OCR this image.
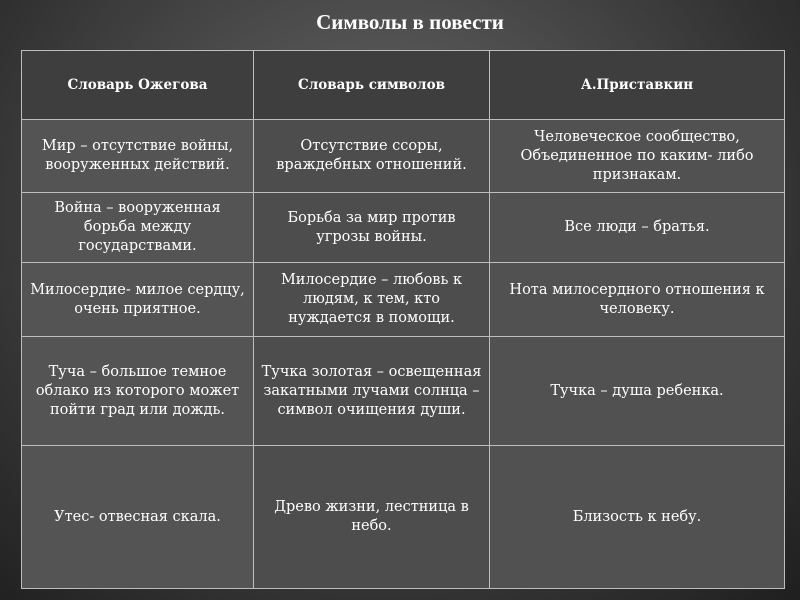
Символы в повести
Словарь Ожегова	Словарь символов	А.Приставкин
Мир – отсутствие войны, вооруженных действий.	Отсутствие ссоры, враждебных отношений.	Человеческое сообщество, Объединенное по каким- либо признакам.
Война – вооруженная борьба между государствами.	Борьба за мир против угрозы войны.	Все люди – братья.
Милосердие- милое сердцу, очень приятное.	Милосердие – любовь к людям, к тем, кто нуждается в помощи.	Нота милосердного отношения к человеку.
Туча – большое темное облако из которого может пойти град или дождь.	Тучка золотая – освещенная закатными лучами солнца – символ очищения души.	Тучка – душа ребенка.
Утес- отвесная скала.	Древо жизни, лестница в небо.	Близость к небу.
